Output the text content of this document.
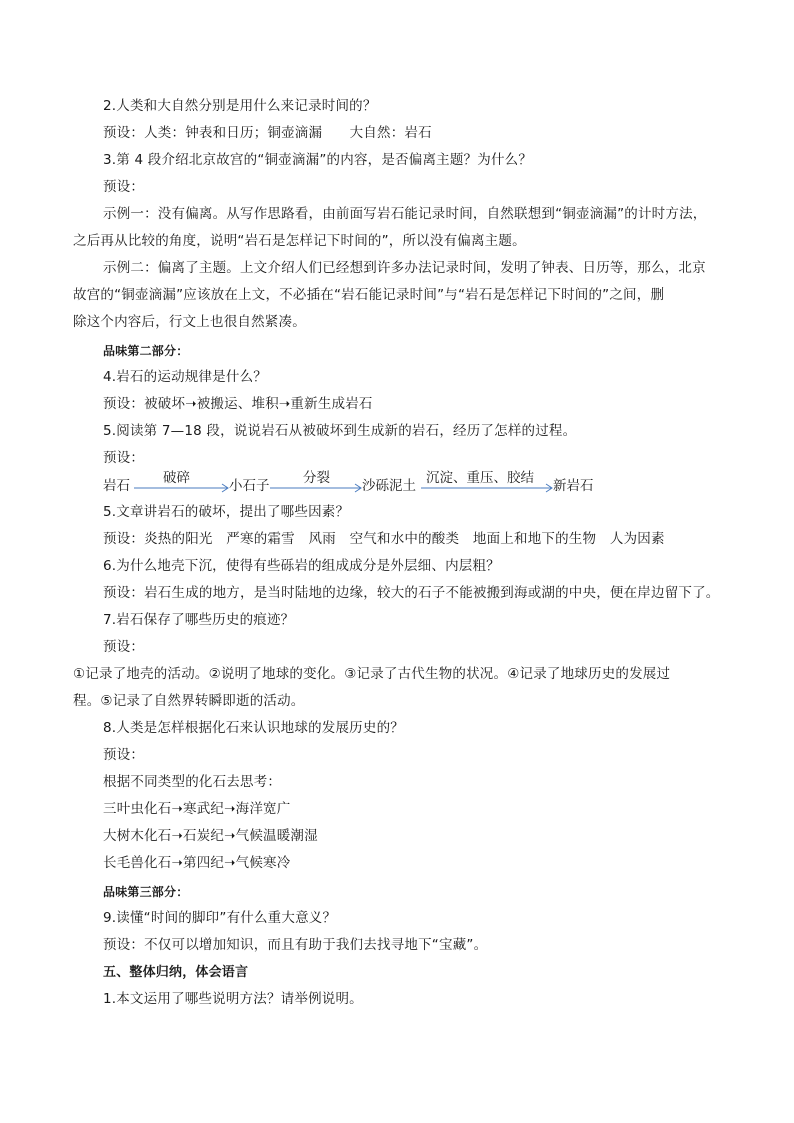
2.人类和大自然分别是用什么来记录时间的？
预设：人类：钟表和日历；铜壶滴漏　　大自然：岩石
3.第 4 段介绍北京故宫的“铜壶滴漏”的内容，是否偏离主题？为什么？
预设：
示例一：没有偏离。从写作思路看，由前面写岩石能记录时间，自然联想到“铜壶滴漏”的计时方法，
之后再从比较的角度，说明“岩石是怎样记下时间的”，所以没有偏离主题。
示例二：偏离了主题。上文介绍人们已经想到许多办法记录时间，发明了钟表、日历等，那么，北京
故宫的“铜壶滴漏”应该放在上文，不必插在“岩石能记录时间”与“岩石是怎样记下时间的”之间，删
除这个内容后，行文上也很自然紧凑。
品味第二部分：
4.岩石的运动规律是什么？
预设：被破坏➝被搬运、堆积➝重新生成岩石
5.阅读第 7—18 段，说说岩石从被破坏到生成新的岩石，经历了怎样的过程。
预设：
岩石 破碎	小石子 分裂 沙砾泥土 沉淀、重压、胶结 新岩石
5.文章讲岩石的破坏，提出了哪些因素？
预设：炎热的阳光　严寒的霜雪　风雨　空气和水中的酸类　地面上和地下的生物　人为因素
6.为什么地壳下沉，使得有些砾岩的组成成分是外层细、内层粗？
预设：岩石生成的地方，是当时陆地的边缘，较大的石子不能被搬到海或湖的中央，便在岸边留下了。
7.岩石保存了哪些历史的痕迹？
预设：
①记录了地壳的活动。②说明了地球的变化。③记录了古代生物的状况。④记录了地球历史的发展过
程。⑤记录了自然界转瞬即逝的活动。
8.人类是怎样根据化石来认识地球的发展历史的？
预设：
根据不同类型的化石去思考：
三叶虫化石➝寒武纪➝海洋宽广
大树木化石➝石炭纪➝气候温暖潮湿
长毛兽化石➝第四纪➝气候寒冷
品味第三部分：
9.读懂“时间的脚印”有什么重大意义？
预设：不仅可以增加知识，而且有助于我们去找寻地下“宝藏”。
五、整体归纳，体会语言
1.本文运用了哪些说明方法？请举例说明。
